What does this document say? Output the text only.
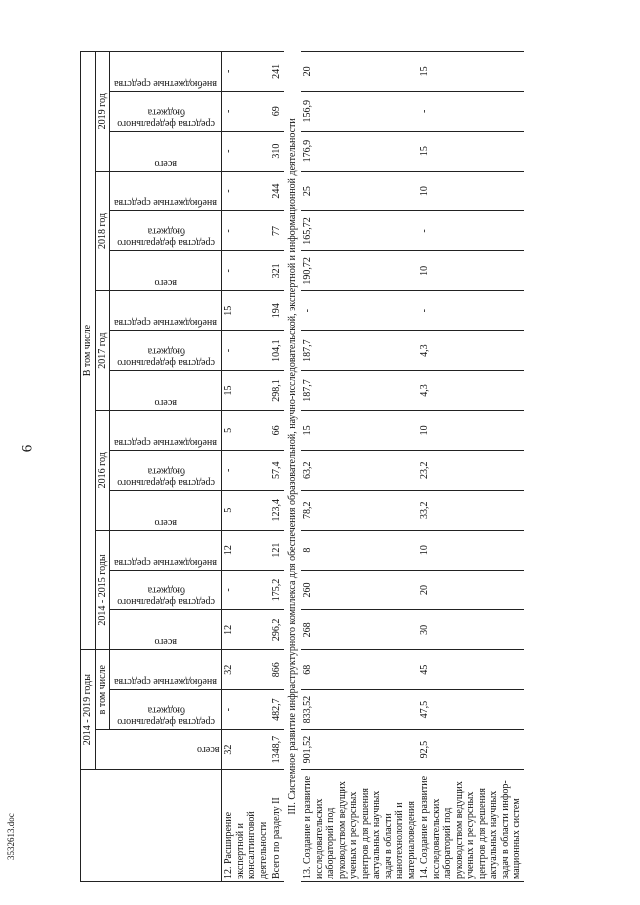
6
3532613.doc
	2014 - 2019 годы			В том числе														

	всего	в том числе		2014 - 2015 годы			2016 год			2017 год			2018 год			2019 год		

		средства федерального бюджета	внебюджетные средства	всего	средства федерального бюджета	внебюджетные средства	всего	средства федерального бюджета	внебюджетные средства	всего	средства федерального бюджета	внебюджетные средства	всего	средства федерального бюджета	внебюджетные средства	всего	средства федерального бюджета	внебюджетные средства

12. Расширение экспертной и консалтинговой деятельности	32	-	32	12	-	12	5	-	5	15	-	15	-	-	-	-	-	-
Всего по разделу II	1348,7	482,7	866	296,2	175,2	121	123,4	57,4	66	298,1	104,1	194	321	77	244	310	69	241
III. Системное развитие инфраструктурного комплекса для обеспечения образовательной, научно-исследовательской, экспертной и информационной деятельности																		
13. Создание и развитие исследовательских лабораторий под руководством ведущих ученых и ресурсных центров для решения актуальных научных задач в области нанотехнологий и материаловедения	901,52	833,52	68	268	260	8	78,2	63,2	15	187,7	187,7	-	190,72	165,72	25	176,9	156,9	20
14. Создание и развитие исследовательских лабораторий под руководством ведущих ученых и ресурсных центров для решения актуальных научных задач в области инфор-мационных систем	92,5	47,5	45	30	20	10	33,2	23,2	10	4,3	4,3	-	10	-	10	15	-	15
